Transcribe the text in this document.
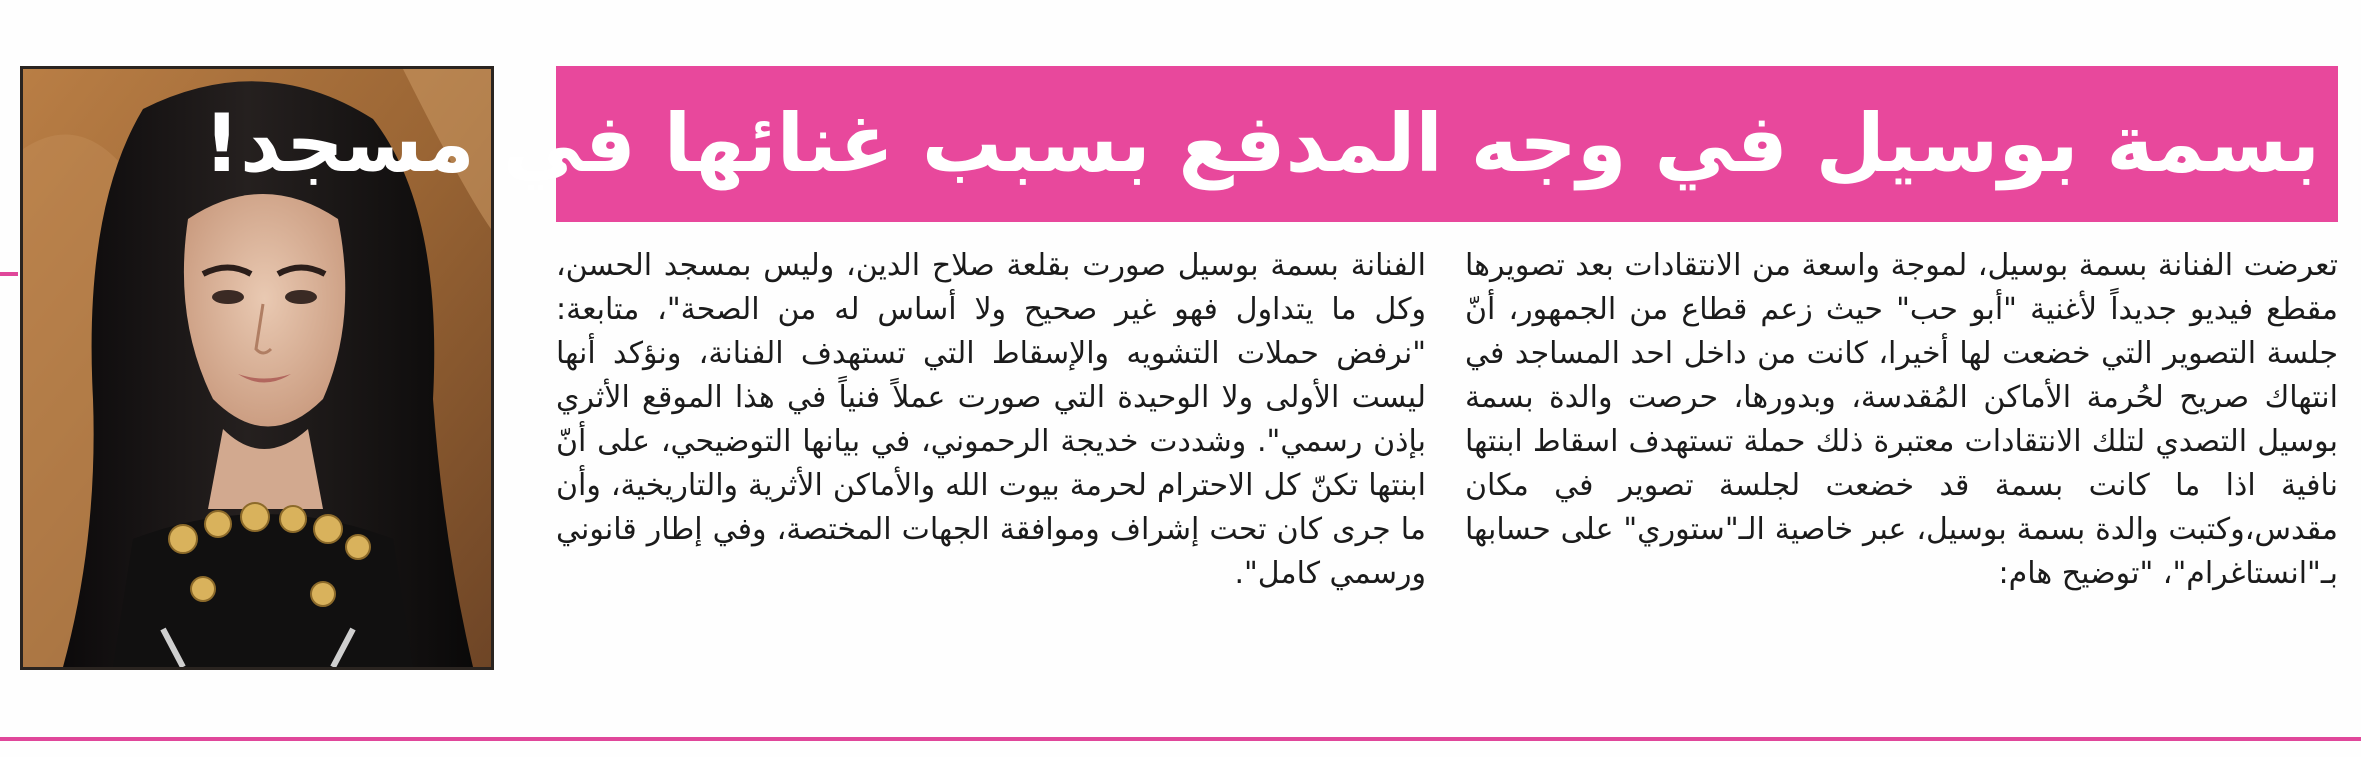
بسمة بوسيل في وجه المدفع بسبب غنائها في مسجد!

تعرضت الفنانة بسمة بوسيل، لموجة واسعة من الانتقادات بعد تصويرها مقطع فيديو جديداً لأغنية "أبو حب" حيث زعم قطاع من الجمهور، أنّ جلسة التصوير التي خضعت لها أخيرا، كانت من داخل احد المساجد في انتهاك صريح لحُرمة الأماكن المُقدسة، وبدورها، حرصت والدة بسمة بوسيل التصدي لتلك الانتقادات معتبرة ذلك حملة تستهدف اسقاط ابنتها نافية اذا ما كانت بسمة قد خضعت لجلسة تصوير في مكان مقدس،وكتبت والدة بسمة بوسيل، عبر خاصية الـ"ستوري" على حسابها بـ"انستاغرام"، "توضيح هام:

الفنانة بسمة بوسيل صورت بقلعة صلاح الدين، وليس بمسجد الحسن، وكل ما يتداول فهو غير صحيح ولا أساس له من الصحة"، متابعة: "نرفض حملات التشويه والإسقاط التي تستهدف الفنانة، ونؤكد أنها ليست الأولى ولا الوحيدة التي صورت عملاً فنياً في هذا الموقع الأثري بإذن رسمي". وشددت خديجة الرحموني، في بيانها التوضيحي، على أنّ ابنتها تكنّ كل الاحترام لحرمة بيوت الله والأماكن الأثرية والتاريخية، وأن ما جرى كان تحت إشراف وموافقة الجهات المختصة، وفي إطار قانوني ورسمي كامل".
